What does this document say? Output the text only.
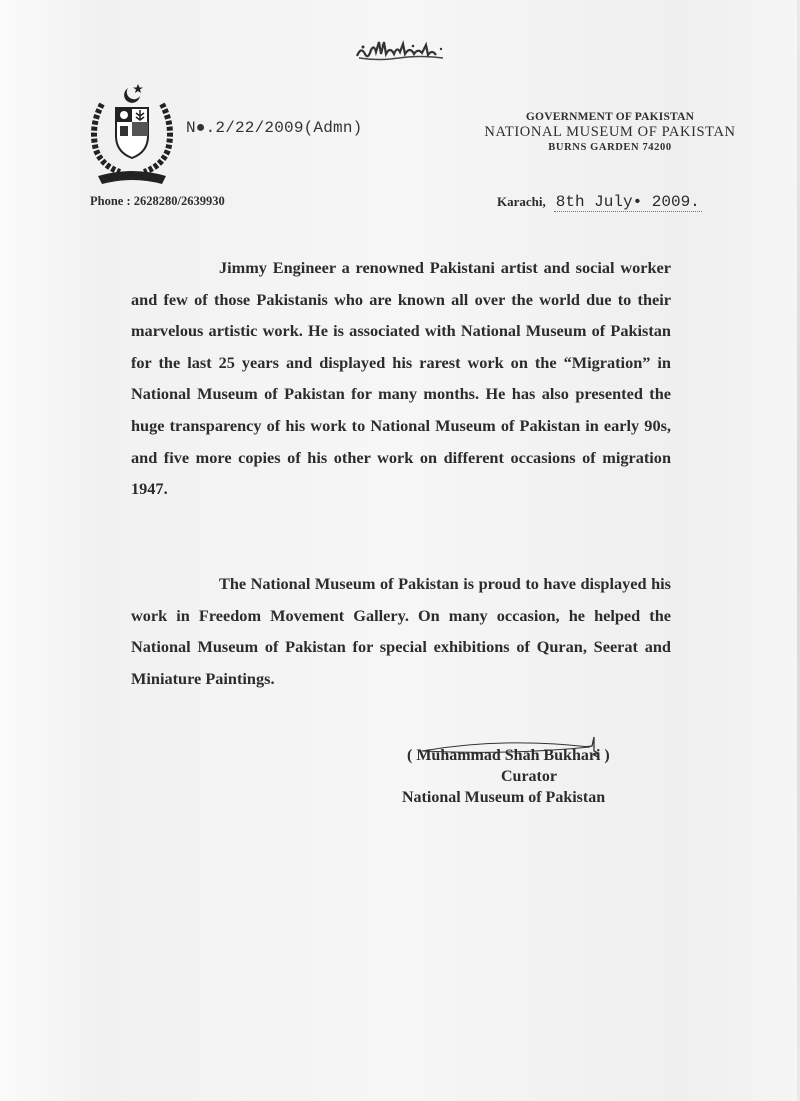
N●.2/22/2009(Admn)
Phone : 2628280/2639930
GOVERNMENT OF PAKISTAN
NATIONAL MUSEUM OF PAKISTAN
BURNS GARDEN 74200
Karachi, 8th July• 2009.
Jimmy Engineer a renowned Pakistani artist and social worker and few of those Pakistanis who are known all over the world due to their marvelous artistic work. He is associated with National Museum of Pakistan for the last 25 years and displayed his rarest work on the “Migration” in National Museum of Pakistan for many months. He has also presented the huge transparency of his work to National Museum of Pakistan in early 90s, and five more copies of his other work on different occasions of migration 1947.
The National Museum of Pakistan is proud to have displayed his work in Freedom Movement Gallery. On many occasion, he helped the National Museum of Pakistan for special exhibitions of Quran, Seerat and Miniature Paintings.
( Muhammad Shah Bukhari )
Curator
National Museum of Pakistan
